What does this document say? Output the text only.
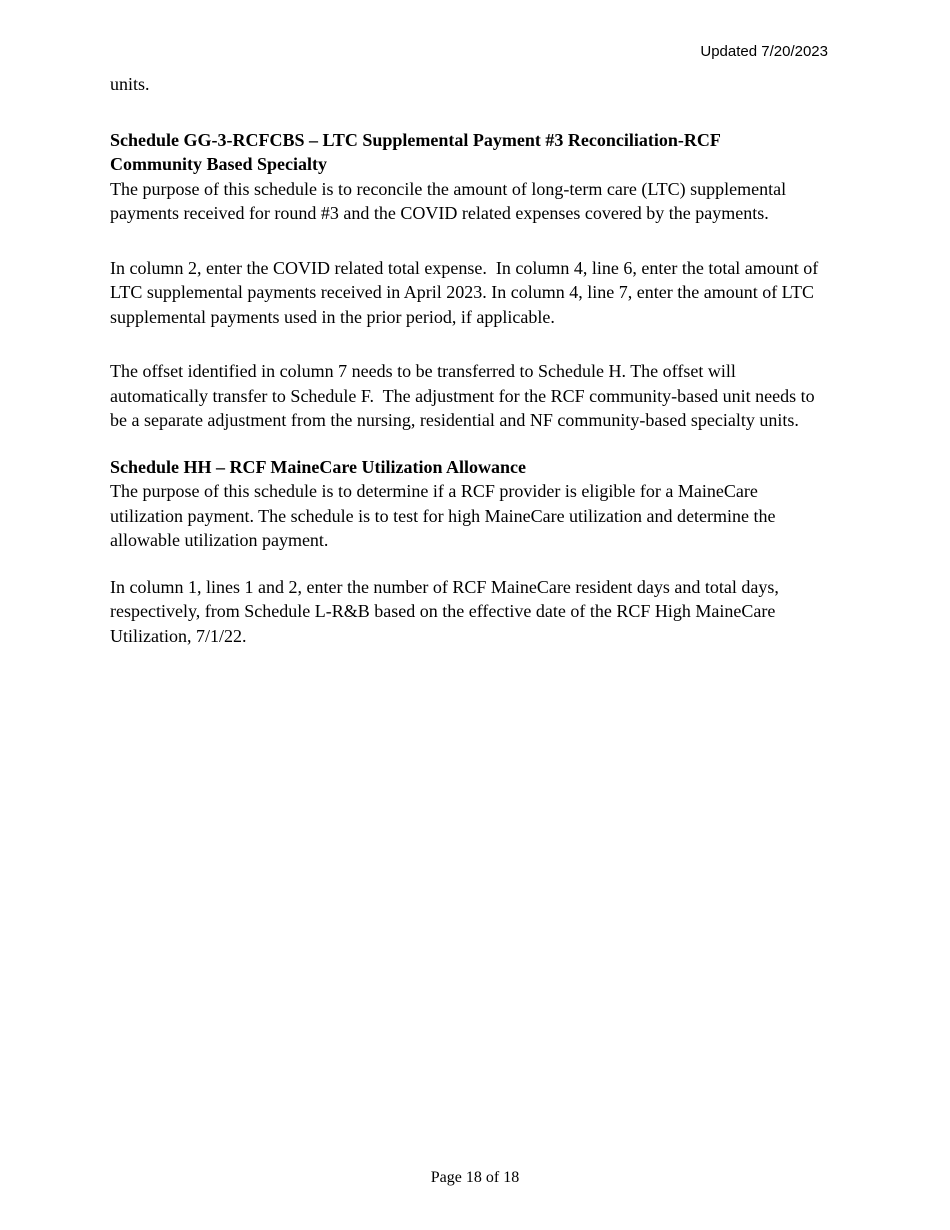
Updated 7/20/2023

units.

Schedule GG-3-RCFCBS – LTC Supplemental Payment #3 Reconciliation-RCF

Community Based Specialty

The purpose of this schedule is to reconcile the amount of long-term care (LTC) supplemental payments received for round #3 and the COVID related expenses covered by the payments.

In column 2, enter the COVID related total expense.  In column 4, line 6, enter the total amount of LTC supplemental payments received in April 2023. In column 4, line 7, enter the amount of LTC supplemental payments used in the prior period, if applicable.

The offset identified in column 7 needs to be transferred to Schedule H. The offset will automatically transfer to Schedule F.  The adjustment for the RCF community-based unit needs to be a separate adjustment from the nursing, residential and NF community-based specialty units.

Schedule HH – RCF MaineCare Utilization Allowance

The purpose of this schedule is to determine if a RCF provider is eligible for a MaineCare utilization payment. The schedule is to test for high MaineCare utilization and determine the allowable utilization payment.

In column 1, lines 1 and 2, enter the number of RCF MaineCare resident days and total days, respectively, from Schedule L-R&B based on the effective date of the RCF High MaineCare Utilization, 7/1/22.

Page 18 of 18
